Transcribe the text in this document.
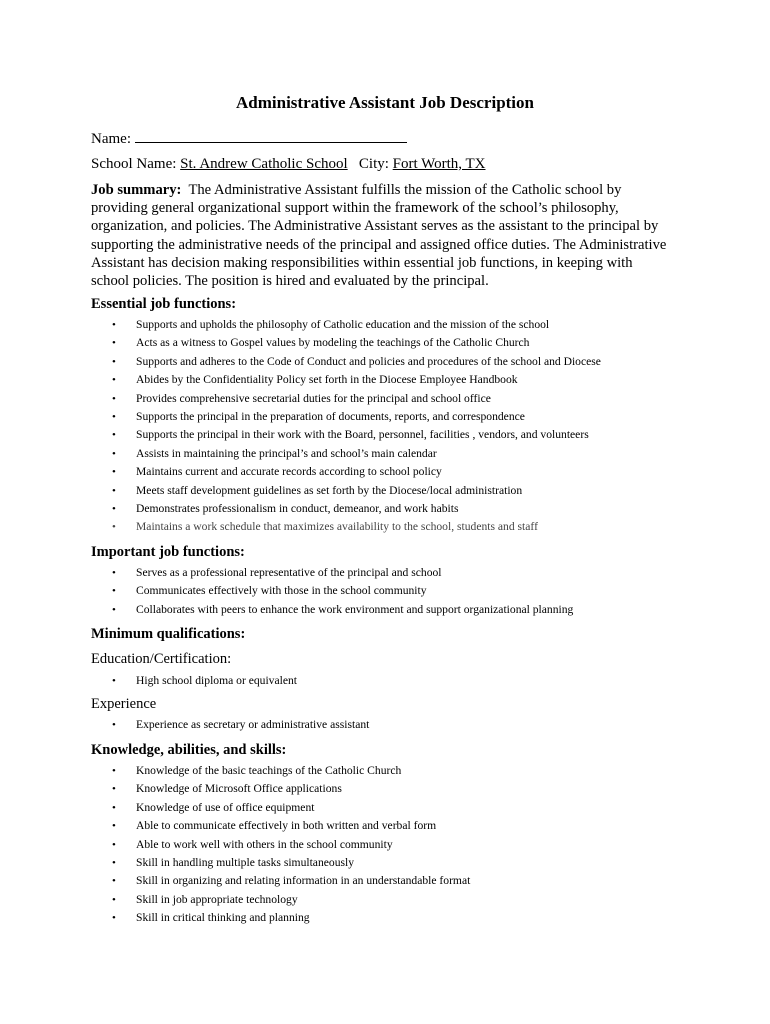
Administrative Assistant Job Description
Name:
School Name: St. Andrew Catholic School City: Fort Worth, TX
Job summary: The Administrative Assistant fulfills the mission of the Catholic school by providing general organizational support within the framework of the school’s philosophy, organization, and policies. The Administrative Assistant serves as the assistant to the principal by supporting the administrative needs of the principal and assigned office duties. The Administrative Assistant has decision making responsibilities within essential job functions, in keeping with school policies. The position is hired and evaluated by the principal.
Essential job functions:
• Supports and upholds the philosophy of Catholic education and the mission of the school
• Acts as a witness to Gospel values by modeling the teachings of the Catholic Church
• Supports and adheres to the Code of Conduct and policies and procedures of the school and Diocese
• Abides by the Confidentiality Policy set forth in the Diocese Employee Handbook
• Provides comprehensive secretarial duties for the principal and school office
• Supports the principal in the preparation of documents, reports, and correspondence
• Supports the principal in their work with the Board, personnel, facilities , vendors, and volunteers
• Assists in maintaining the principal’s and school’s main calendar
• Maintains current and accurate records according to school policy
• Meets staff development guidelines as set forth by the Diocese/local administration
• Demonstrates professionalism in conduct, demeanor, and work habits
• Maintains a work schedule that maximizes availability to the school, students and staff
Important job functions:
• Serves as a professional representative of the principal and school
• Communicates effectively with those in the school community
• Collaborates with peers to enhance the work environment and support organizational planning
Minimum qualifications:
Education/Certification:
• High school diploma or equivalent
Experience
• Experience as secretary or administrative assistant
Knowledge, abilities, and skills:
• Knowledge of the basic teachings of the Catholic Church
• Knowledge of Microsoft Office applications
• Knowledge of use of office equipment
• Able to communicate effectively in both written and verbal form
• Able to work well with others in the school community
• Skill in handling multiple tasks simultaneously
• Skill in organizing and relating information in an understandable format
• Skill in job appropriate technology
• Skill in critical thinking and planning
